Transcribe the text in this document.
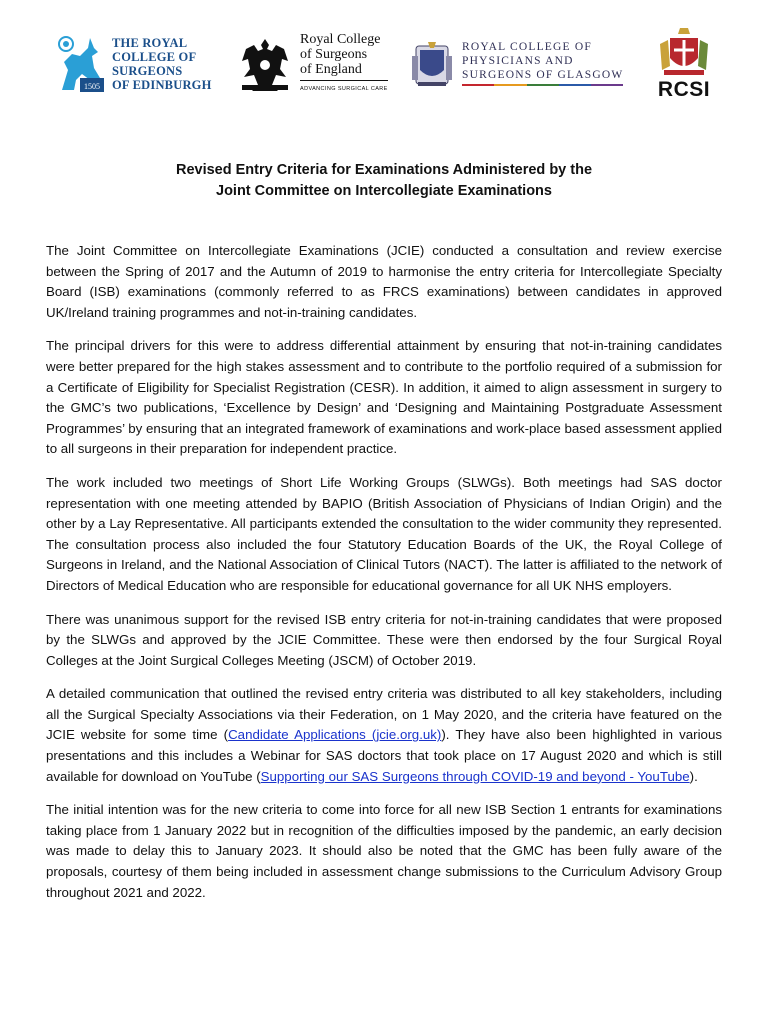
1505
THE ROYAL
COLLEGE OF
SURGEONS
OF EDINBURGH
Royal College
of Surgeons
of England
ADVANCING SURGICAL CARE
ROYAL COLLEGE OF
PHYSICIANS AND
SURGEONS OF GLASGOW
RCSI
Revised Entry Criteria for Examinations Administered by the
Joint Committee on Intercollegiate Examinations

The Joint Committee on Intercollegiate Examinations (JCIE) conducted a consultation and review exercise between the Spring of 2017 and the Autumn of 2019 to harmonise the entry criteria for Intercollegiate Specialty Board (ISB) examinations (commonly referred to as FRCS examinations) between candidates in approved UK/Ireland training programmes and not-in-training candidates.

The principal drivers for this were to address differential attainment by ensuring that not-in-training candidates were better prepared for the high stakes assessment and to contribute to the portfolio required of a submission for a Certificate of Eligibility for Specialist Registration (CESR). In addition, it aimed to align assessment in surgery to the GMC’s two publications, ‘Excellence by Design’ and ‘Designing and Maintaining Postgraduate Assessment Programmes’ by ensuring that an integrated framework of examinations and work-place based assessment applied to all surgeons in their preparation for independent practice.

The work included two meetings of Short Life Working Groups (SLWGs). Both meetings had SAS doctor representation with one meeting attended by BAPIO (British Association of Physicians of Indian Origin) and the other by a Lay Representative. All participants extended the consultation to the wider community they represented. The consultation process also included the four Statutory Education Boards of the UK, the Royal College of Surgeons in Ireland, and the National Association of Clinical Tutors (NACT). The latter is affiliated to the network of Directors of Medical Education who are responsible for educational governance for all UK NHS employers.

There was unanimous support for the revised ISB entry criteria for not-in-training candidates that were proposed by the SLWGs and approved by the JCIE Committee. These were then endorsed by the four Surgical Royal Colleges at the Joint Surgical Colleges Meeting (JSCM) of October 2019.

A detailed communication that outlined the revised entry criteria was distributed to all key stakeholders, including all the Surgical Specialty Associations via their Federation, on 1 May 2020, and the criteria have featured on the JCIE website for some time (Candidate Applications (jcie.org.uk)). They have also been highlighted in various presentations and this includes a Webinar for SAS doctors that took place on 17 August 2020 and which is still available for download on YouTube (Supporting our SAS Surgeons through COVID-19 and beyond - YouTube).

The initial intention was for the new criteria to come into force for all new ISB Section 1 entrants for examinations taking place from 1 January 2022 but in recognition of the difficulties imposed by the pandemic, an early decision was made to delay this to January 2023. It should also be noted that the GMC has been fully aware of the proposals, courtesy of them being included in assessment change submissions to the Curriculum Advisory Group throughout 2021 and 2022.
